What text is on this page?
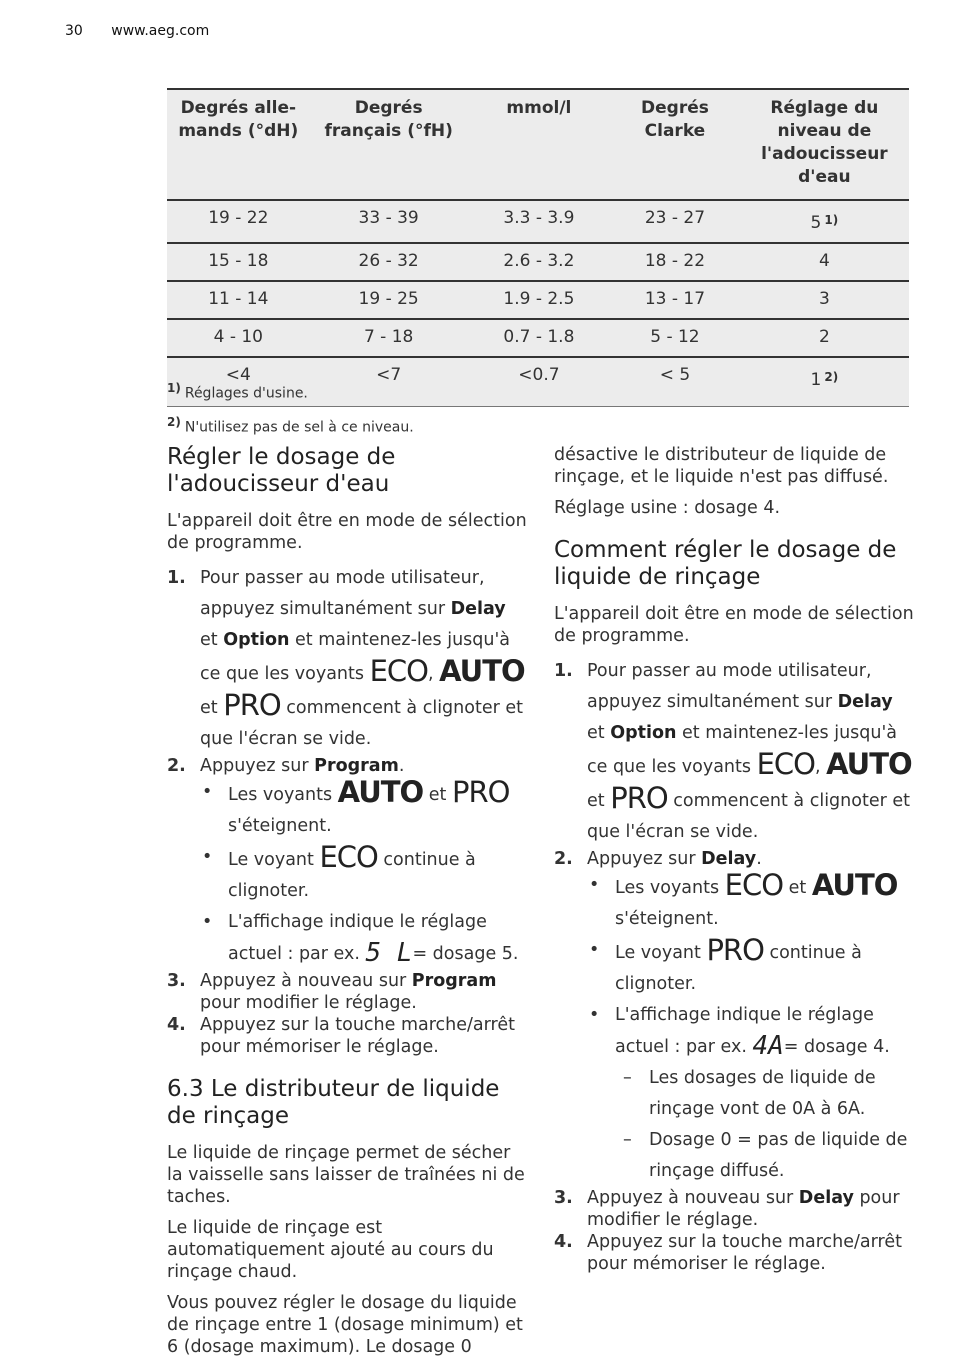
30 www.aeg.com
Degrés alle- mands (°dH)	Degrés français (°fH)	mmol/l	Degrés Clarke	Réglage du niveau de l'adoucisseur d'eau
19 - 22	33 - 39	3.3 - 3.9	23 - 27	5 $^{1)}$
15 - 18	26 - 32	2.6 - 3.2	18 - 22	4
11 - 14	19 - 25	1.9 - 2.5	13 - 17	3
4 - 10	7 - 18	0.7 - 1.8	5 - 12	2
<4	<7	<0.7	< 5	1 $^{2)}$
$^{1)}$ Réglages d'usine.
$^{2)}$ N'utilisez pas de sel à ce niveau.
Régler le dosage de l'adoucisseur d'eau

L'appareil doit être en mode de sélection de programme.

1. Pour passer au mode utilisateur, appuyez simultanément sur Delay et Option et maintenez-les jusqu'à ce que les voyants ECO, AUTO et PRO commencent à clignoter et que l'écran se vide.
2. Appuyez sur Program.
• Les voyants AUTO et PRO s'éteignent.
• Le voyant ECO continue à clignoter.
• L'affichage indique le réglage actuel : par ex. 5 L= dosage 5.
3. Appuyez à nouveau sur Program pour modifier le réglage.
4. Appuyez sur la touche marche/arrêt pour mémoriser le réglage.
6.3 Le distributeur de liquide de rinçage

Le liquide de rinçage permet de sécher la vaisselle sans laisser de traînées ni de taches.

Le liquide de rinçage est automatiquement ajouté au cours du rinçage chaud.

Vous pouvez régler le dosage du liquide de rinçage entre 1 (dosage minimum) et 6 (dosage maximum). Le dosage 0

désactive le distributeur de liquide de rinçage, et le liquide n'est pas diffusé.

Réglage usine : dosage 4.

Comment régler le dosage de liquide de rinçage

L'appareil doit être en mode de sélection de programme.

1. Pour passer au mode utilisateur, appuyez simultanément sur Delay et Option et maintenez-les jusqu'à ce que les voyants ECO, AUTO et PRO commencent à clignoter et que l'écran se vide.
2. Appuyez sur Delay.
• Les voyants ECO et AUTO s'éteignent.
• Le voyant PRO continue à clignoter.
• L'affichage indique le réglage actuel : par ex. 4A= dosage 4.
– Les dosages de liquide de rinçage vont de 0A à 6A.
– Dosage 0 = pas de liquide de rinçage diffusé.
3. Appuyez à nouveau sur Delay pour modifier le réglage.
4. Appuyez sur la touche marche/arrêt pour mémoriser le réglage.
